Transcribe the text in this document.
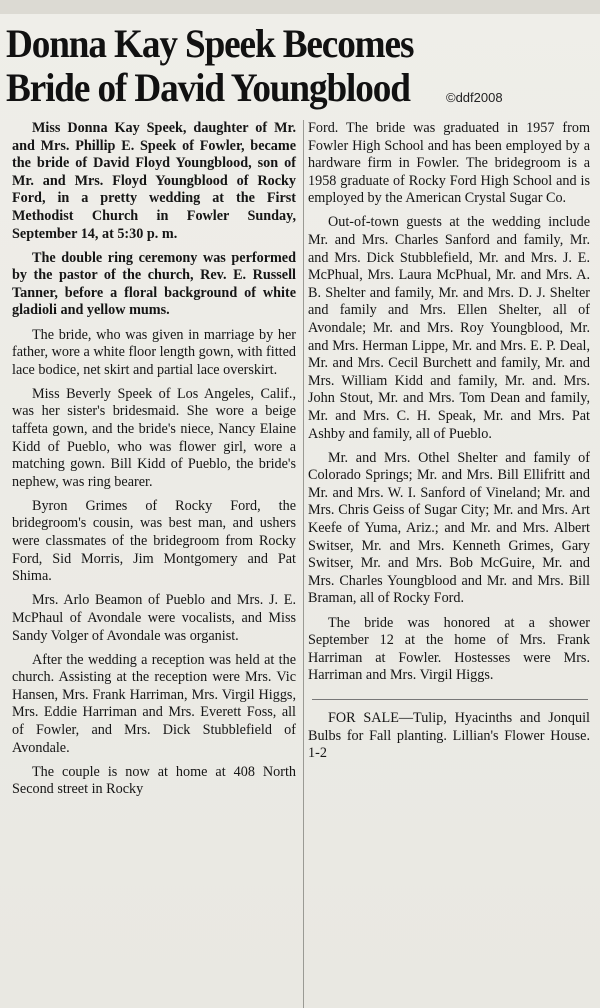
Donna Kay Speek Becomes
Bride of David Youngblood	©ddf2008

Miss Donna Kay Speek, daughter of Mr. and Mrs. Phillip E. Speek of Fowler, became the bride of David Floyd Youngblood, son of Mr. and Mrs. Floyd Youngblood of Rocky Ford, in a pretty wedding at the First Methodist Church in Fowler Sunday, September 14, at 5:30 p. m.

The double ring ceremony was performed by the pastor of the church, Rev. E. Russell Tanner, before a floral background of white gladioli and yellow mums.

The bride, who was given in marriage by her father, wore a white floor length gown, with fitted lace bodice, net skirt and partial lace overskirt.

Miss Beverly Speek of Los Angeles, Calif., was her sister's bridesmaid. She wore a beige taffeta gown, and the bride's niece, Nancy Elaine Kidd of Pueblo, who was flower girl, wore a matching gown. Bill Kidd of Pueblo, the bride's nephew, was ring bearer.

Byron Grimes of Rocky Ford, the bridegroom's cousin, was best man, and ushers were classmates of the bridegroom from Rocky Ford, Sid Morris, Jim Montgomery and Pat Shima.

Mrs. Arlo Beamon of Pueblo and Mrs. J. E. McPhaul of Avondale were vocalists, and Miss Sandy Volger of Avondale was organist.

After the wedding a reception was held at the church. Assisting at the reception were Mrs. Vic Hansen, Mrs. Frank Harriman, Mrs. Virgil Higgs, Mrs. Eddie Harriman and Mrs. Everett Foss, all of Fowler, and Mrs. Dick Stubblefield of Avondale.

The couple is now at home at 408 North Second street in Rocky

Ford. The bride was graduated in 1957 from Fowler High School and has been employed by a hardware firm in Fowler. The bridegroom is a 1958 graduate of Rocky Ford High School and is employed by the American Crystal Sugar Co.

Out-of-town guests at the wedding include Mr. and Mrs. Charles Sanford and family, Mr. and Mrs. Dick Stubblefield, Mr. and Mrs. J. E. McPhual, Mrs. Laura McPhual, Mr. and Mrs. A. B. Shelter and family, Mr. and Mrs. D. J. Shelter and family and Mrs. Ellen Shelter, all of Avondale; Mr. and Mrs. Roy Youngblood, Mr. and Mrs. Herman Lippe, Mr. and Mrs. E. P. Deal, Mr. and Mrs. Cecil Burchett and family, Mr. and Mrs. William Kidd and family, Mr. and. Mrs. John Stout, Mr. and Mrs. Tom Dean and family, Mr. and Mrs. C. H. Speak, Mr. and Mrs. Pat Ashby and family, all of Pueblo.

Mr. and Mrs. Othel Shelter and family of Colorado Springs; Mr. and Mrs. Bill Ellifritt and Mr. and Mrs. W. I. Sanford of Vineland; Mr. and Mrs. Chris Geiss of Sugar City; Mr. and Mrs. Art Keefe of Yuma, Ariz.; and Mr. and Mrs. Albert Switser, Mr. and Mrs. Kenneth Grimes, Gary Switser, Mr. and Mrs. Bob McGuire, Mr. and Mrs. Charles Youngblood and Mr. and Mrs. Bill Braman, all of Rocky Ford.

The bride was honored at a shower September 12 at the home of Mrs. Frank Harriman at Fowler. Hostesses were Mrs. Harriman and Mrs. Virgil Higgs.

FOR SALE—Tulip, Hyacinths and Jonquil Bulbs for Fall planting. Lillian's Flower House. 1-2
